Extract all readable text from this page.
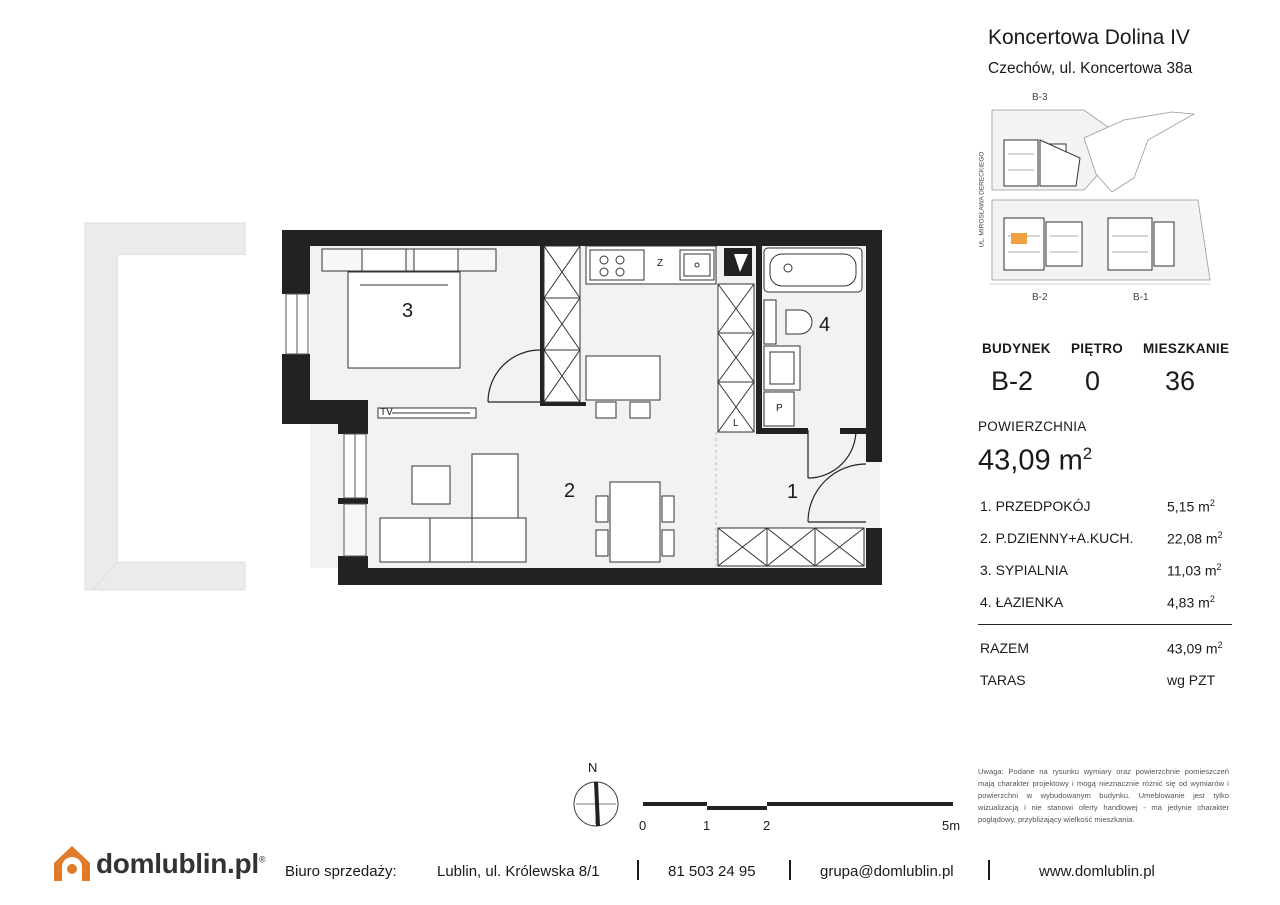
3
2	1
4
TV
Z
P
L
N
0	1	2	5m
Koncertowa Dolina IV
Czechów, ul. Koncertowa 38a
B-3
B-2	B-1
UL. MIROSŁAWA DERECKIEGO
BUDYNEK PIĘTRO MIESZKANIE
B-2 0 36
POWIERZCHNIA
43,09 $m^2$
1. PRZEDPOKÓJ	5,15 $m^2$
2. P.DZIENNY+A.KUCH. 22,08 $m^2$
3. SYPIALNIA	11,03 $m^2$
4. ŁAZIENKA	4,83 $m^2$
RAZEM	43,09 $m^2$
TARAS	wg PZT
Uwaga: Podane na rysunku wymiary oraz powierzchnie pomieszczeń mają charakter projektowy i mogą nieznacznie różnić się od wymiarów i powierzchni w wybudowanym budynku. Umeblowanie jest tylko wizualizacją i nie stanowi oferty handlowej - ma jedynie charakter poglądowy, przybliżający wielkość mieszkania.
domlublin.pl®
Biuro sprzedaży:	Lublin, ul. Królewska 8/1	81 503 24 95	grupa@domlublin.pl	www.domlublin.pl
